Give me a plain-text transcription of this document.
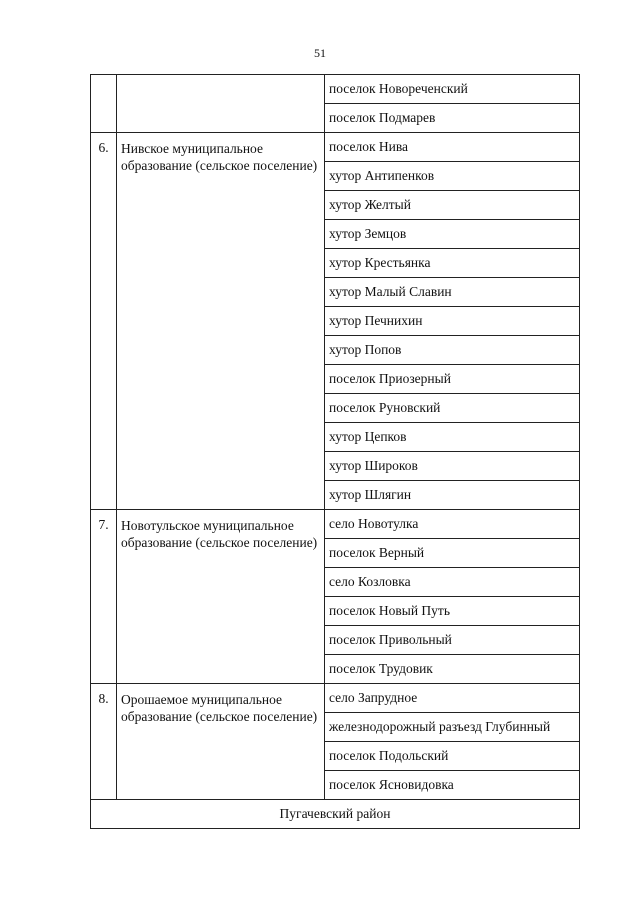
51
		поселок Новореченский
		поселок Подмарев
6.	Нивское муниципальное образование (сельское поселение)	поселок Нива
		хутор Антипенков
		хутор Желтый
		хутор Земцов
		хутор Крестьянка
		хутор Малый Славин
		хутор Печнихин
		хутор Попов
		поселок Приозерный
		поселок Руновский
		хутор Цепков
		хутор Широков
		хутор Шлягин
7.	Новотульское муниципальное образование (сельское поселение)	село Новотулка
		поселок Верный
		село Козловка
		поселок Новый Путь
		поселок Привольный
		поселок Трудовик
8.	Орошаемое муниципальное образование (сельское поселение)	село Запрудное
		железнодорожный разъезд Глубинный
		поселок Подольский
		поселок Ясновидовка
Пугачевский район		
